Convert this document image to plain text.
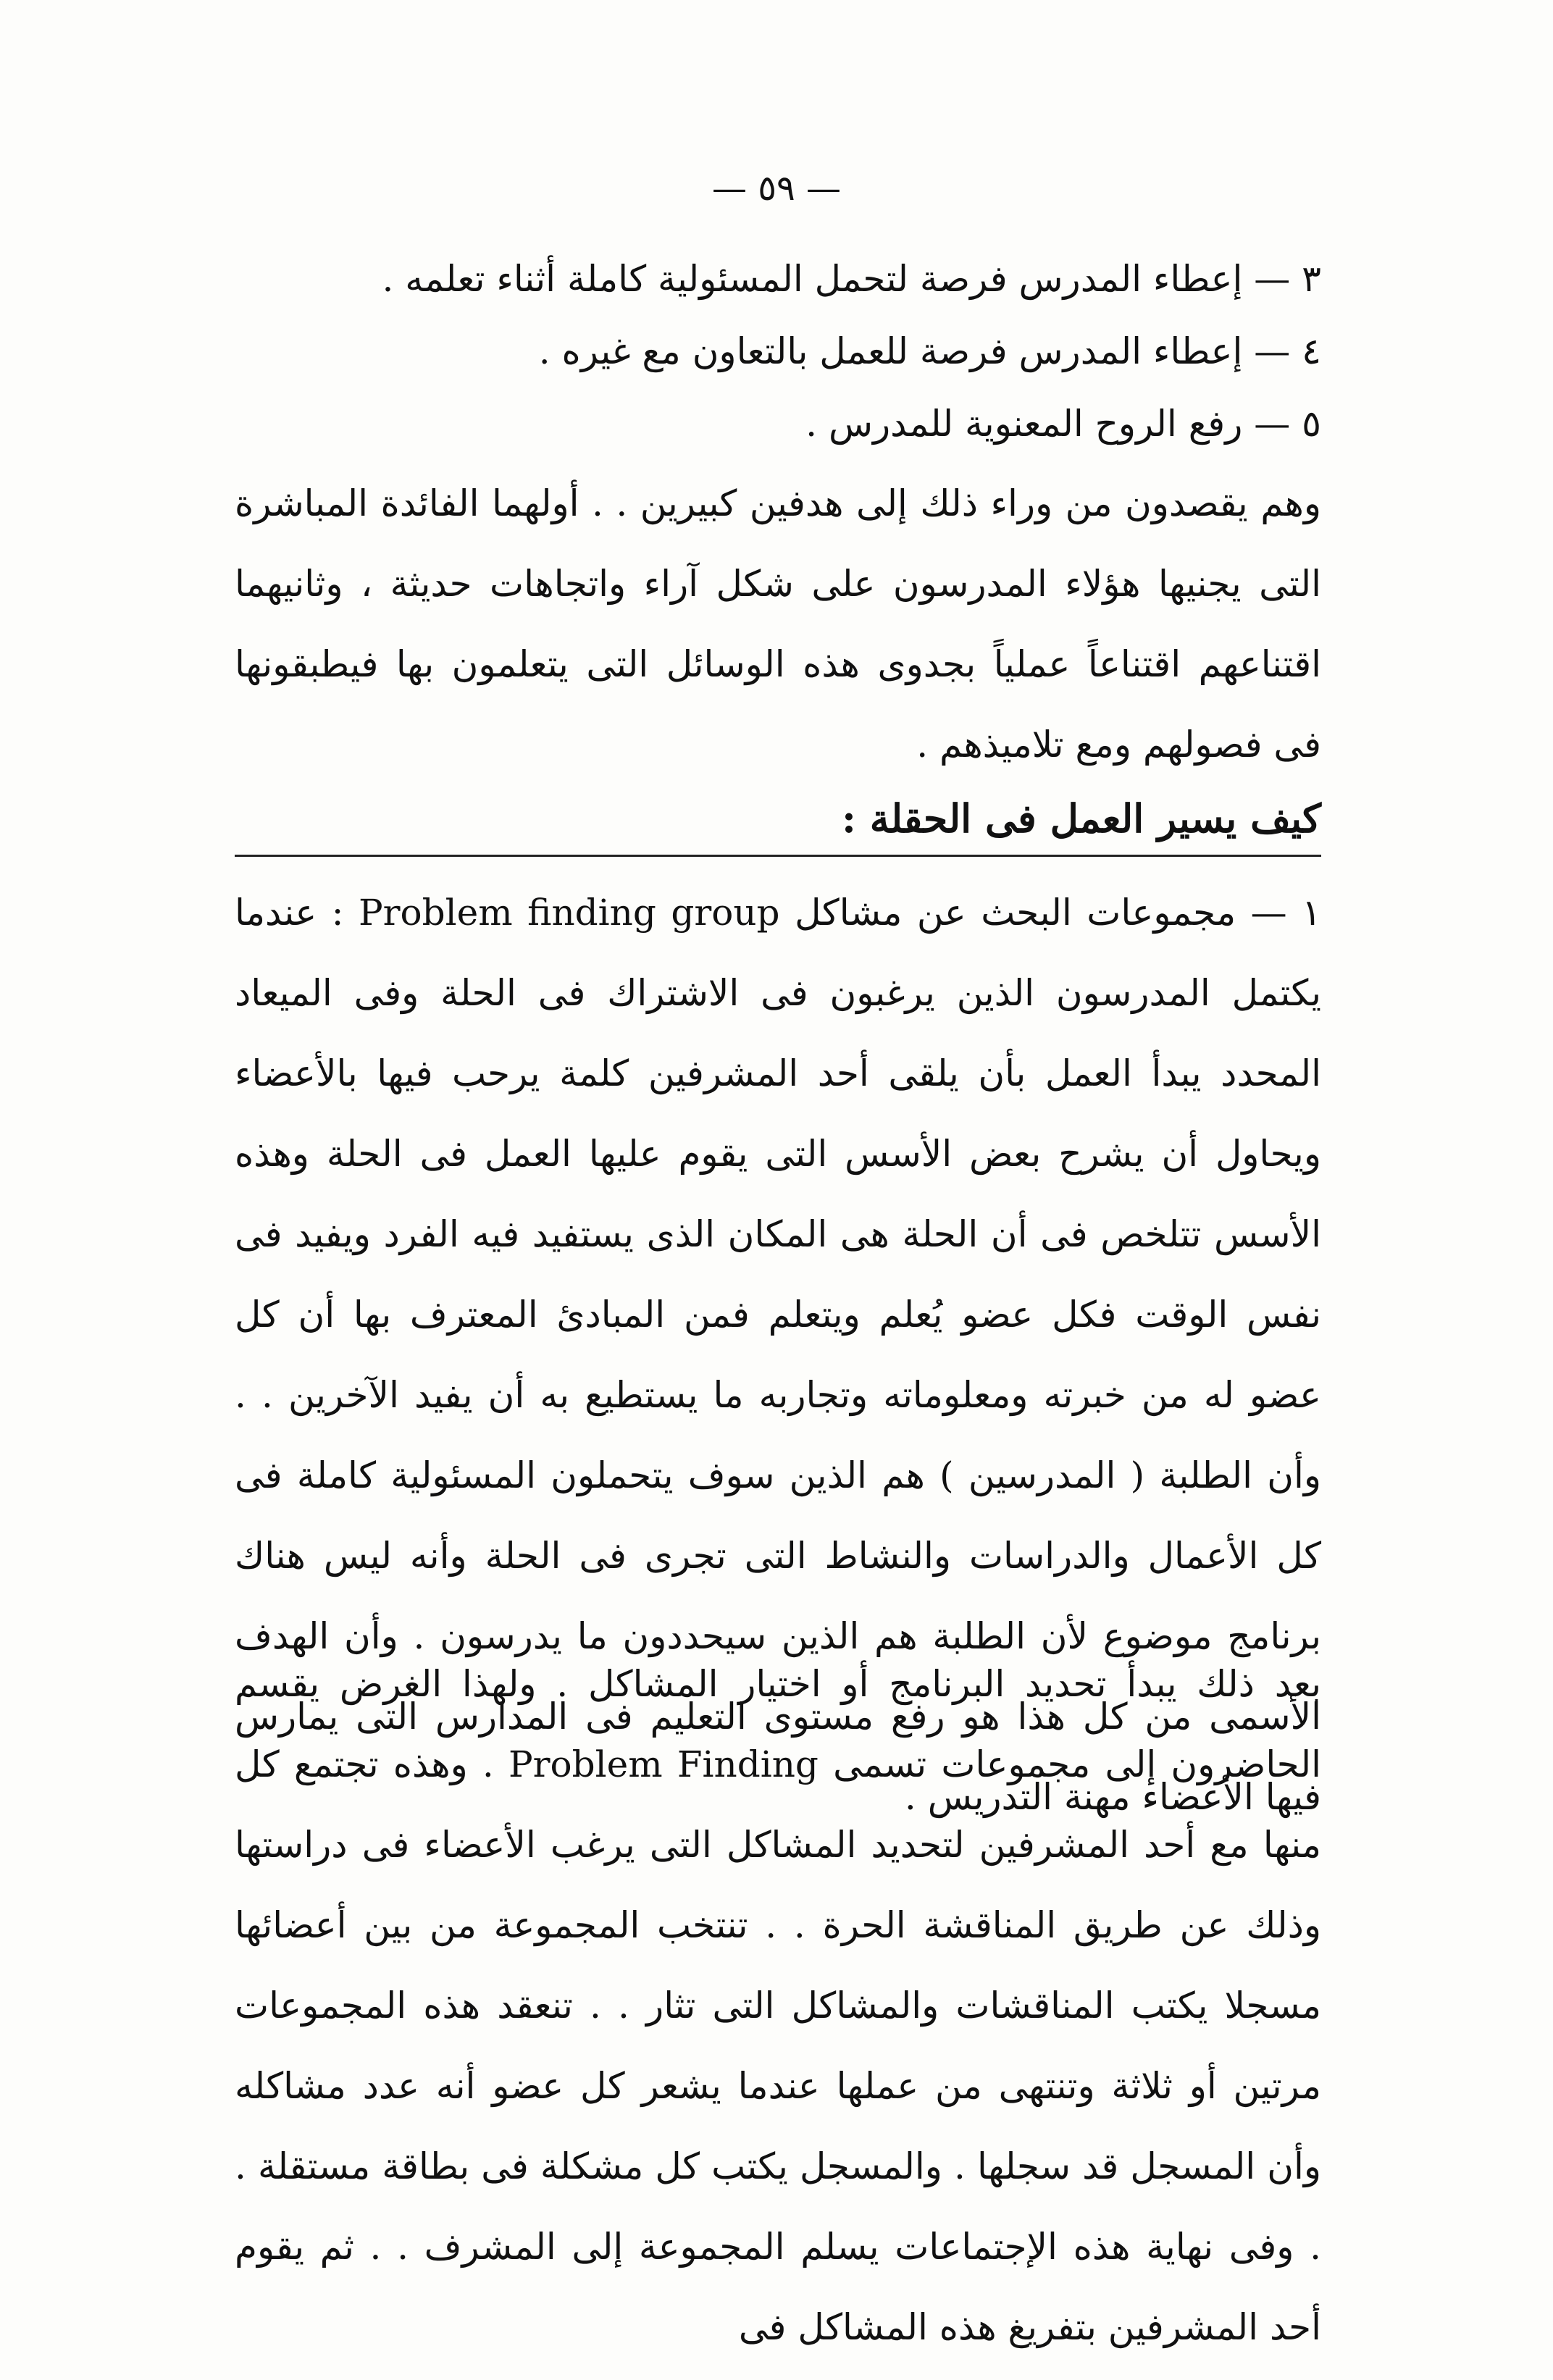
— ٥٩ —
٣ — إعطاء المدرس فرصة لتحمل المسئولية كاملة أثناء تعلمه .
٤ — إعطاء المدرس فرصة للعمل بالتعاون مع غيره .
٥ — رفع الروح المعنوية للمدرس .

وهم يقصدون من وراء ذلك إلى هدفين كبيرين . . أولهما الفائدة المباشرة التى يجنيها هؤلاء المدرسون على شكل آراء واتجاهات حديثة ، وثانيهما اقتناعهم اقتناعاً عملياً بجدوى هذه الوسائل التى يتعلمون بها فيطبقونها فى فصولهم ومع تلاميذهم .

كيف يسير العمل فى الحقلة :

١ — مجموعات البحث عن مشاكل Problem finding group : عندما يكتمل المدرسون الذين يرغبون فى الاشتراك فى الحلة وفى الميعاد المحدد يبدأ العمل بأن يلقى أحد المشرفين كلمة يرحب فيها بالأعضاء ويحاول أن يشرح بعض الأسس التى يقوم عليها العمل فى الحلة وهذه الأسس تتلخص فى أن الحلة هى المكان الذى يستفيد فيه الفرد ويفيد فى نفس الوقت فكل عضو يُعلم ويتعلم فمن المبادئ المعترف بها أن كل عضو له من خبرته ومعلوماته وتجاربه ما يستطيع به أن يفيد الآخرين . . وأن الطلبة ( المدرسين ) هم الذين سوف يتحملون المسئولية كاملة فى كل الأعمال والدراسات والنشاط التى تجرى فى الحلة وأنه ليس هناك برنامج موضوع لأن الطلبة هم الذين سيحددون ما يدرسون . وأن الهدف الأسمى من كل هذا هو رفع مستوى التعليم فى المدارس التى يمارس فيها الأعضاء مهنة التدريس .

بعد ذلك يبدأ تحديد البرنامج أو اختيار المشاكل . ولهذا الغرض يقسم الحاضرون إلى مجموعات تسمى Problem Finding . وهذه تجتمع كل منها مع أحد المشرفين لتحديد المشاكل التى يرغب الأعضاء فى دراستها وذلك عن طريق المناقشة الحرة . . تنتخب المجموعة من بين أعضائها مسجلا يكتب المناقشات والمشاكل التى تثار . . تنعقد هذه المجموعات مرتين أو ثلاثة وتنتهى من عملها عندما يشعر كل عضو أنه عدد مشاكله وأن المسجل قد سجلها . والمسجل يكتب كل مشكلة فى بطاقة مستقلة . . وفى نهاية هذه الإجتماعات يسلم المجموعة إلى المشرف . . ثم يقوم أحد المشرفين بتفريغ هذه المشاكل فى
